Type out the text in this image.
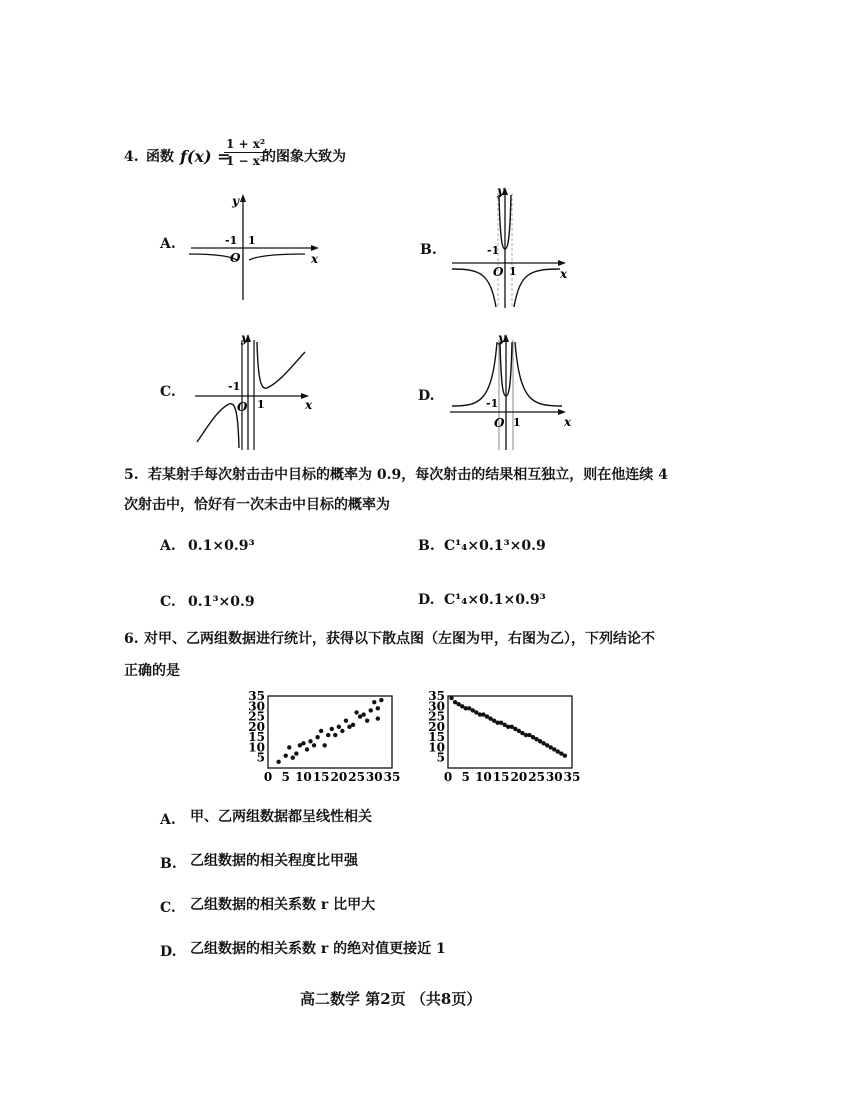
4. 函数 f(x) =
$\frac{\text{1 + x²}}{\text{1 − x²}}$
的图象大致为
A.	B.
C.	D.
y
x
O
-1 1
y
x
O
-1
1
y
x
O
-1
1
y
x
O
-1
1
5. 若某射手每次射击击中目标的概率为 0.9，每次射击的结果相互独立，则在他连续 4
次射击中，恰好有一次未击中目标的概率为
A. 0.1×0.9³	B. C¹₄×0.1³×0.9
C. 0.1³×0.9	D. C¹₄×0.1×0.9³
6. 对甲、乙两组数据进行统计，获得以下散点图（左图为甲，右图为乙），下列结论不
正确的是
0 5 10 15 20 25 30 35
5
10
15
20
25
30
35
0 5 10 15 20 25 30 35
5
10
15
20
25
30
35
A. 甲、乙两组数据都呈线性相关
B. 乙组数据的相关程度比甲强
C. 乙组数据的相关系数 r 比甲大
D. 乙组数据的相关系数 r 的绝对值更接近 1
高二数学 第2页 （共8页）
